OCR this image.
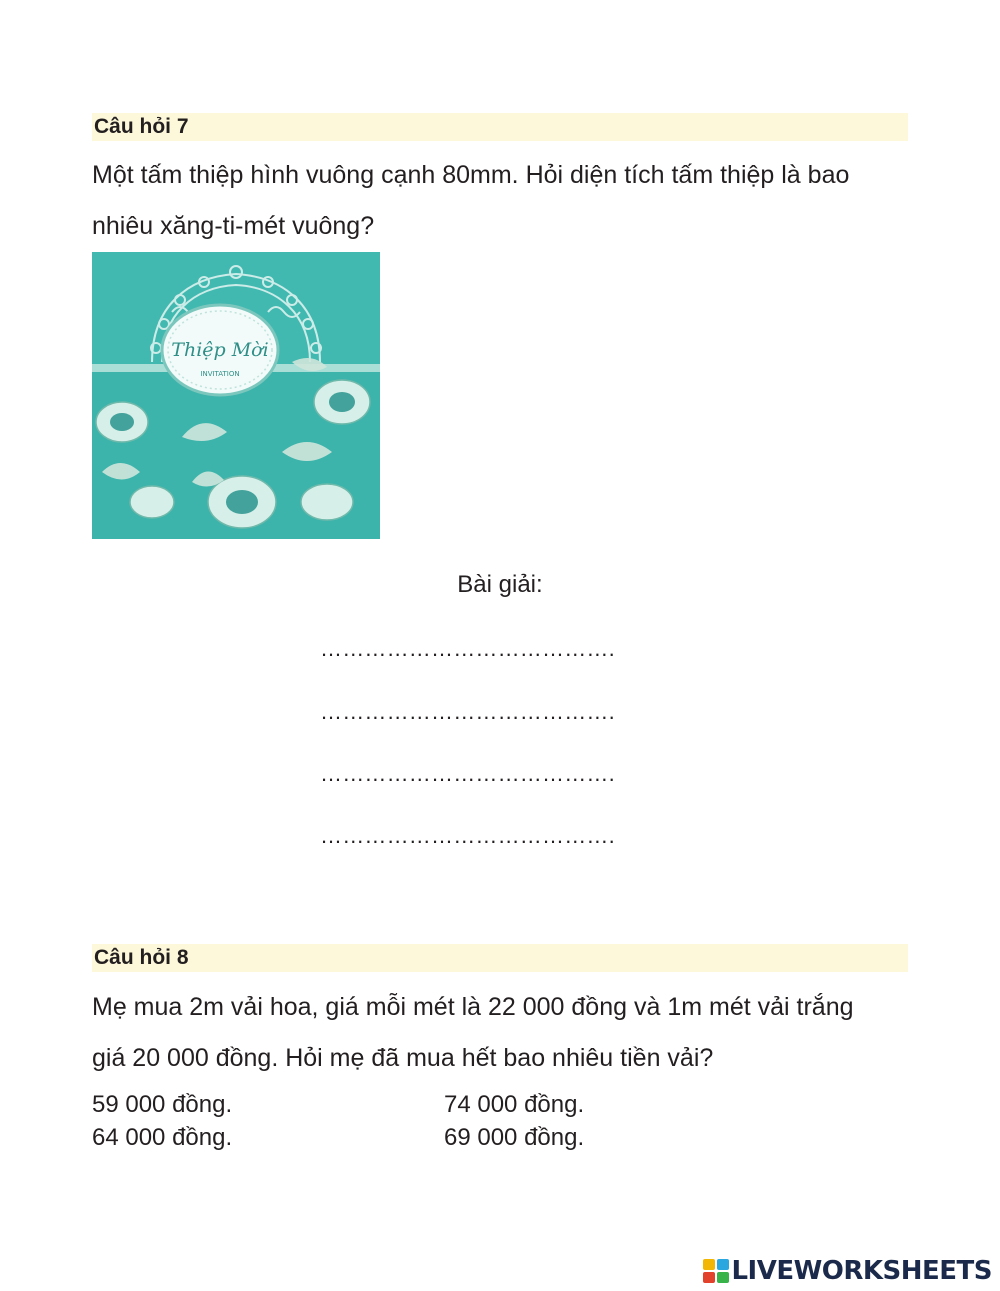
Câu hỏi 7
Một tấm thiệp hình vuông cạnh 80mm. Hỏi diện tích tấm thiệp là bao
nhiêu xăng-ti-mét vuông?
Thiệp Mời
INVITATION
Bài giải:
………………………………….
………………………………….
………………………………….
………………………………….
Câu hỏi 8
Mẹ mua 2m vải hoa, giá mỗi mét là 22 000 đồng và 1m mét vải trắng
giá 20 000 đồng. Hỏi mẹ đã mua hết bao nhiêu tiền vải?
59 000 đồng.	74 000 đồng.
64 000 đồng.	69 000 đồng.
LIVEWORKSHEETS
